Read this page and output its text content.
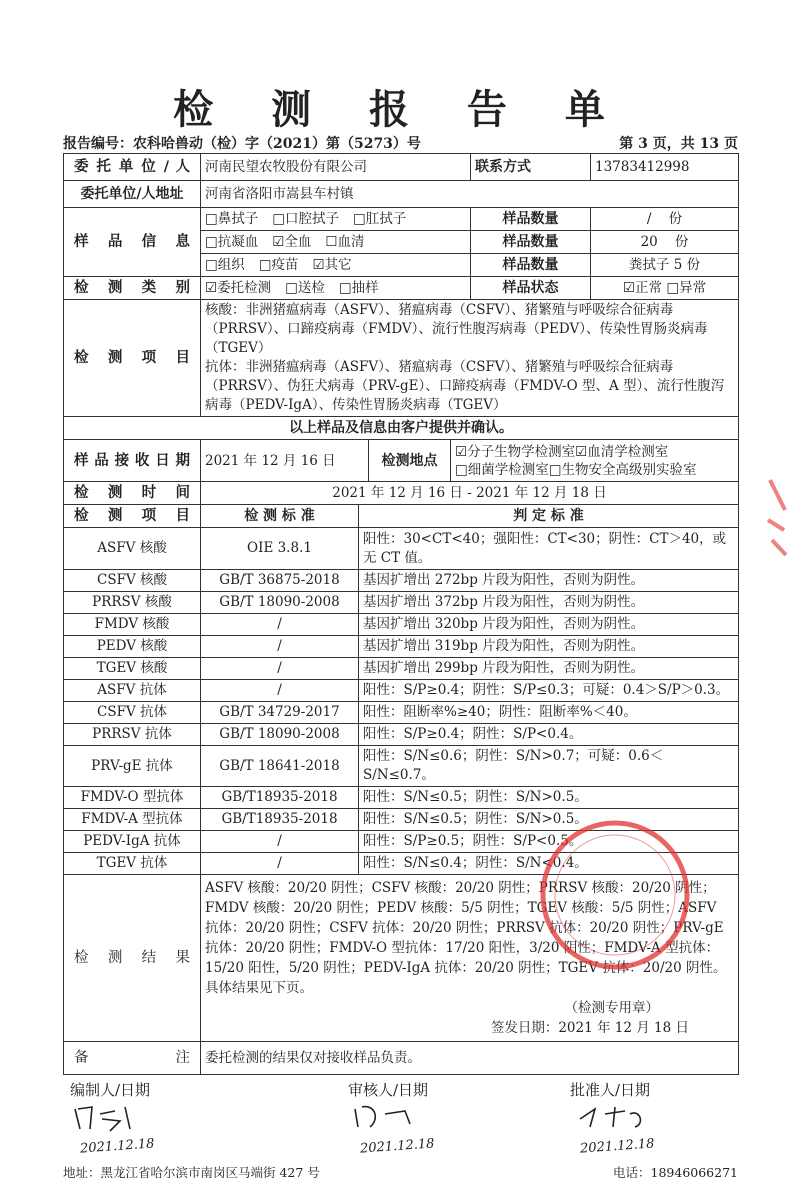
检 测 报 告 单
报告编号：农科哈兽动（检）字（2021）第（5273）号	第 3 页，共 13 页
委 托 单 位 / 人	河南民望农牧股份有限公司				联系方式	13783412998
委托单位/人地址	河南省洛阳市嵩县车村镇					
样 品 信 息	□鼻拭子 □口腔拭子 □肛拭子				样品数量	/    份
	□抗凝血 ☑全血 ☐血清				样品数量	20    份
	□组织 □疫苗 ☑其它				样品数量	粪拭子 5 份
检 测 类 别	☑委托检测 □送检 □抽样				样品状态	☑正常 □异常
检 测 项 目	核酸：非洲猪瘟病毒（ASFV）、猪瘟病毒（CSFV）、猪繁殖与呼吸综合征病毒（PRRSV）、口蹄疫病毒（FMDV）、流行性腹泻病毒（PEDV）、传染性胃肠炎病毒（TGEV）
抗体：非洲猪瘟病毒（ASFV）、猪瘟病毒（CSFV）、猪繁殖与呼吸综合征病毒（PRRSV）、伪狂犬病毒（PRV-gE）、口蹄疫病毒（FMDV-O 型、A 型）、流行性腹泻病毒（PEDV-IgA）、传染性胃肠炎病毒（TGEV）					

以上样品及信息由客户提供并确认。						
样品接收日期	2021 年 12 月 16 日		检测地点	☑分子生物学检测室☑血清学检测室
□细菌学检测室□生物安全高级别实验室		

检 测 时 间	2021 年 12 月 16 日 - 2021 年 12 月 18 日					
检 测 项 目	检 测 标 准	判 定 标 准				
ASFV 核酸	OIE 3.8.1	阳性：30<CT<40；强阳性：CT<30；阴性：CT＞40，或无 CT 值。				
CSFV 核酸	GB/T 36875-2018	基因扩增出 272bp 片段为阳性，否则为阴性。				
PRRSV 核酸	GB/T 18090-2008	基因扩增出 372bp 片段为阳性，否则为阴性。				
FMDV 核酸	/	基因扩增出 320bp 片段为阳性，否则为阴性。				
PEDV 核酸	/	基因扩增出 319bp 片段为阳性，否则为阴性。				
TGEV 核酸	/	基因扩增出 299bp 片段为阳性，否则为阴性。				
ASFV 抗体	/	阳性：S/P≥0.4；阴性：S/P≤0.3；可疑：0.4＞S/P＞0.3。				
CSFV 抗体	GB/T 34729-2017	阳性：阻断率%≥40；阴性：阻断率%＜40。				
PRRSV 抗体	GB/T 18090-2008	阳性：S/P≥0.4；阴性：S/P<0.4。				
PRV-gE 抗体	GB/T 18641-2018	阳性：S/N≤0.6；阴性：S/N>0.7；可疑：0.6＜S/N≤0.7。				
FMDV-O 型抗体	GB/T18935-2018	阳性：S/N≤0.5；阴性：S/N>0.5。				
FMDV-A 型抗体	GB/T18935-2018	阳性：S/N≤0.5；阴性：S/N>0.5。				
PEDV-IgA 抗体	/	阳性：S/P≥0.5；阴性：S/P<0.5。				
TGEV 抗体	/	阳性：S/N≤0.4；阴性：S/N<0.4。				
检 测 结 果	ASFV 核酸：20/20 阴性；CSFV 核酸：20/20 阴性；PRRSV 核酸：20/20 阴性；FMDV 核酸：20/20 阴性；PEDV 核酸：5/5 阴性；TGEV 核酸：5/5 阴性；ASFV 抗体：20/20 阴性；CSFV 抗体：20/20 阴性；PRRSV 抗体：20/20 阴性；PRV-gE 抗体：20/20 阴性；FMDV-O 型抗体：17/20 阳性，3/20 阴性；FMDV-A 型抗体：15/20 阳性，5/20 阴性；PEDV-IgA 抗体：20/20 阴性；TGEV 抗体：20/20 阴性。具体结果见下页。
（检测专用章）
签发日期：2021 年 12 月 18 日					

备 注	委托检测的结果仅对接收样品负责。					
编制人/日期	审核人/日期	批准人/日期
2021.12.18	2021.12.18	2021.12.18
地址：黑龙江省哈尔滨市南岗区马端街 427 号	电话：18946066271
